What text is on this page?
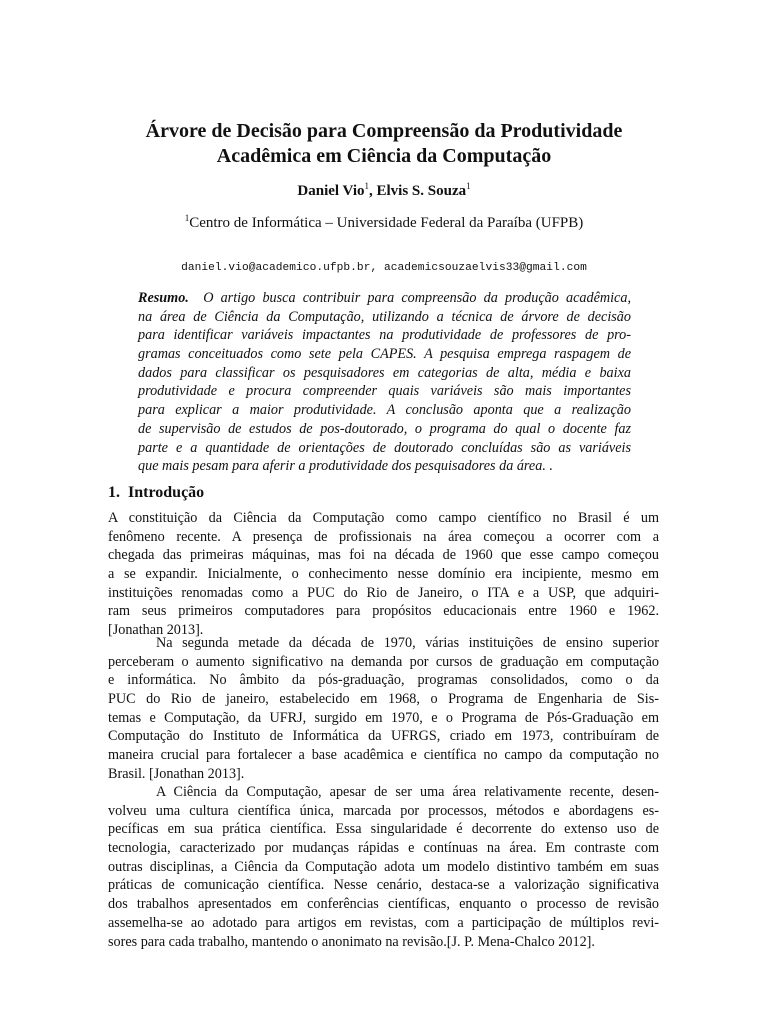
Árvore de Decisão para Compreensão da Produtividade
Acadêmica em Ciência da Computação
Daniel Vio$^1$, Elvis S. Souza$^1$
$^1$Centro de Informática – Universidade Federal da Paraíba (UFPB)
daniel.vio@academico.ufpb.br, academicsouzaelvis33@gmail.com
Resumo. O artigo busca contribuir para compreensão da produção acadêmica,
na área de Ciência da Computação, utilizando a técnica de árvore de decisão
para identificar variáveis impactantes na produtividade de professores de pro-
gramas conceituados como sete pela CAPES. A pesquisa emprega raspagem de
dados para classificar os pesquisadores em categorias de alta, média e baixa
produtividade e procura compreender quais variáveis são mais importantes
para explicar a maior produtividade. A conclusão aponta que a realização
de supervisão de estudos de pos-doutorado, o programa do qual o docente faz
parte e a quantidade de orientações de doutorado concluídas são as variáveis
que mais pesam para aferir a produtividade dos pesquisadores da área. .
1. Introdução
A constituição da Ciência da Computação como campo científico no Brasil é um
fenômeno recente. A presença de profissionais na área começou a ocorrer com a
chegada das primeiras máquinas, mas foi na década de 1960 que esse campo começou
a se expandir. Inicialmente, o conhecimento nesse domínio era incipiente, mesmo em
instituições renomadas como a PUC do Rio de Janeiro, o ITA e a USP, que adquiri-
ram seus primeiros computadores para propósitos educacionais entre 1960 e 1962.
[Jonathan 2013].
Na segunda metade da década de 1970, várias instituições de ensino superior
perceberam o aumento significativo na demanda por cursos de graduação em computação
e informática. No âmbito da pós-graduação, programas consolidados, como o da
PUC do Rio de janeiro, estabelecido em 1968, o Programa de Engenharia de Sis-
temas e Computação, da UFRJ, surgido em 1970, e o Programa de Pós-Graduação em
Computação do Instituto de Informática da UFRGS, criado em 1973, contribuíram de
maneira crucial para fortalecer a base acadêmica e científica no campo da computação no
Brasil. [Jonathan 2013].
A Ciência da Computação, apesar de ser uma área relativamente recente, desen-
volveu uma cultura científica única, marcada por processos, métodos e abordagens es-
pecíficas em sua prática científica. Essa singularidade é decorrente do extenso uso de
tecnologia, caracterizado por mudanças rápidas e contínuas na área. Em contraste com
outras disciplinas, a Ciência da Computação adota um modelo distintivo também em suas
práticas de comunicação científica. Nesse cenário, destaca-se a valorização significativa
dos trabalhos apresentados em conferências científicas, enquanto o processo de revisão
assemelha-se ao adotado para artigos em revistas, com a participação de múltiplos revi-
sores para cada trabalho, mantendo o anonimato na revisão.[J. P. Mena-Chalco 2012].
